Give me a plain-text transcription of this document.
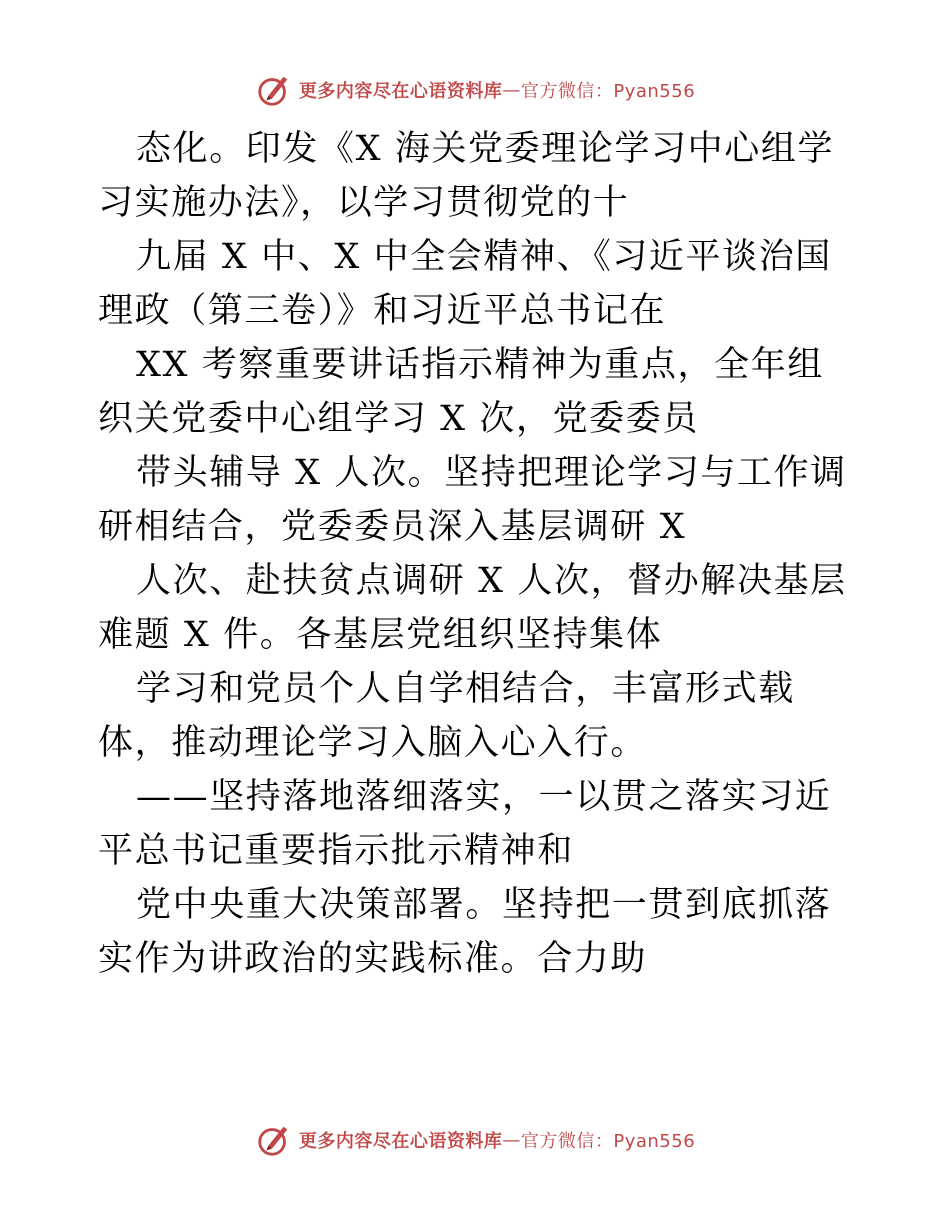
更多内容尽在心语资料库 — 官方微信：Pyan556

态化。印发《X 海关党委理论学习中心组学习实施办法》，以学习贯彻党的十

九届 X 中、X 中全会精神、《习近平谈治国理政（第三卷）》和习近平总书记在

XX 考察重要讲话指示精神为重点，全年组织关党委中心组学习 X 次，党委委员

带头辅导 X 人次。坚持把理论学习与工作调研相结合，党委委员深入基层调研 X

人次、赴扶贫点调研 X 人次，督办解决基层难题 X 件。各基层党组织坚持集体

学习和党员个人自学相结合，丰富形式载体，推动理论学习入脑入心入行。

——坚持落地落细落实，一以贯之落实习近平总书记重要指示批示精神和

党中央重大决策部署。坚持把一贯到底抓落实作为讲政治的实践标准。合力助

更多内容尽在心语资料库 — 官方微信：Pyan556
